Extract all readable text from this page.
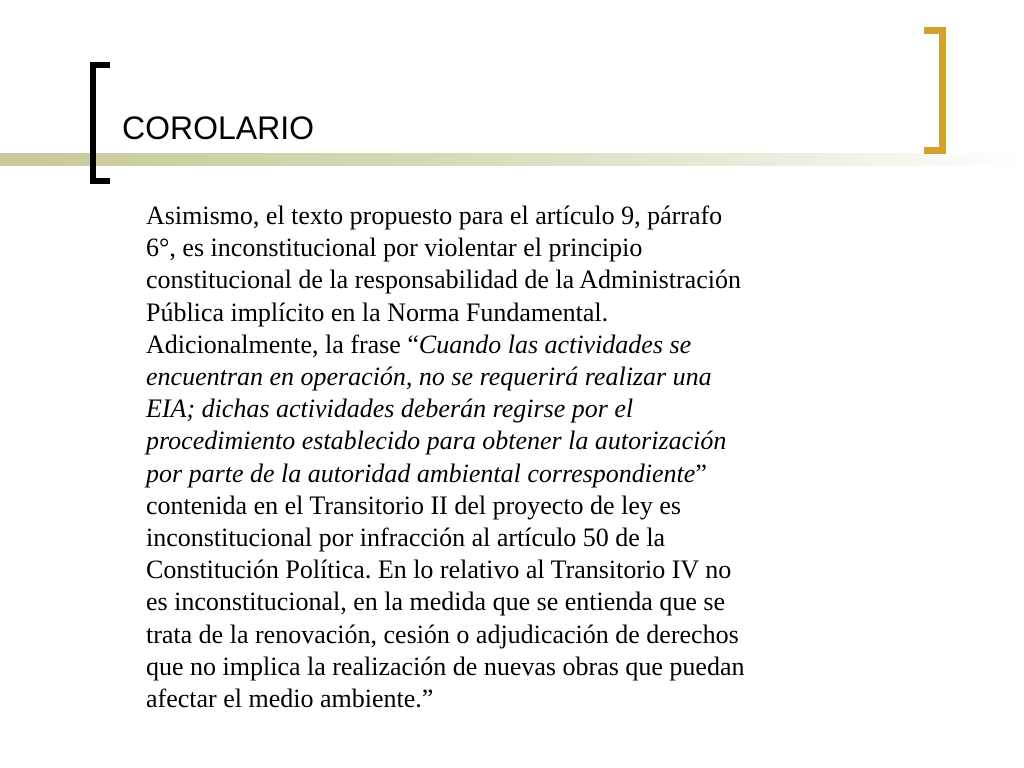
COROLARIO

Asimismo, el texto propuesto para el artículo 9, párrafo
6°, es inconstitucional por violentar el principio
constitucional de la responsabilidad de la Administración
Pública implícito en la Norma Fundamental.
Adicionalmente, la frase “Cuando las actividades se
encuentran en operación, no se requerirá realizar una
EIA; dichas actividades deberán regirse por el
procedimiento establecido para obtener la autorización
por parte de la autoridad ambiental correspondiente”
contenida en el Transitorio II del proyecto de ley es
inconstitucional por infracción al artículo 50 de la
Constitución Política. En lo relativo al Transitorio IV no
es inconstitucional, en la medida que se entienda que se
trata de la renovación, cesión o adjudicación de derechos
que no implica la realización de nuevas obras que puedan
afectar el medio ambiente.”
